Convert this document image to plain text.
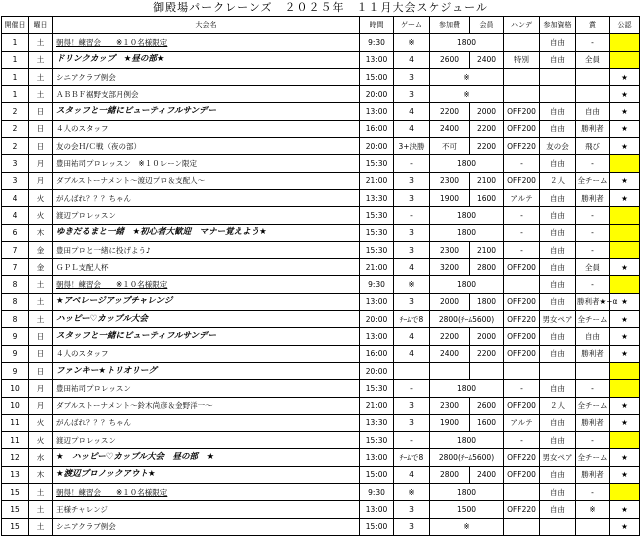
御殿場パークレーンズ　２０２５年　１１月大会スケジュール
開催日	曜日	大会名	時間	ゲーム	参加費	会員	ハンデ	参加資格	賞	公認
1	土	朝得！練習会　　※１０名様限定	9:30	※	1800			自由	-	
1	土	ドリンクカップ　★昼の部★	13:00	4	2600	2400	特別	自由	全員	
1	土	シニアクラブ例会	15:00	3	※					★
1	土	ＡＢＢＦ裾野支部月例会	20:00	3	※					★
2	日	スタッフと一緒にビューティフルサンデー	13:00	4	2200	2000	OFF200	自由	自由	★
2	日	４人のスタッフ	16:00	4	2400	2200	OFF200	自由	勝利者	★
2	日	友の会Ｈ/Ｃ戦（夜の部）	20:00	3+決勝	不可	2200	OFF220	友の会	飛び	★
3	月	豊田祐司プロレッスン　※１０レーン限定	15:30	-	1800		-	自由	-	
3	月	ダブルストーナメント～渡辺プロ＆支配人～	21:00	3	2300	2100	OFF200	２人	全チーム	★
4	火	がんばれ？？？ちゃん	13:30	3	1900	1600	アルテ	自由	勝利者	★
4	火	渡辺プロレッスン	15:30	-	1800		-	自由	-	
6	木	ゆきだるまと一緒　★初心者大歓迎　マナー覚えよう★	15:30	3	1800		-	自由	-	
7	金	豊田プロと一緒に投げよう♪	15:30	3	2300	2100	-	自由	-	
7	金	ＧＰＬ支配人杯	21:00	4	3200	2800	OFF200	自由	全員	★
8	土	朝得！練習会　　※１０名様限定	9:30	※	1800			自由	-	
8	土	★アベレージアップチャレンジ	13:00	3	2000	1800	OFF200	自由	勝利者★+α	★
8	土	ハッピー♡カップル大会	20:00	ﾁｰﾑで8	2800(ﾁｰﾑ5600)		OFF220	男女ペア	全チーム	★
9	日	スタッフと一緒にビューティフルサンデー	13:00	4	2200	2000	OFF200	自由	自由	★
9	日	４人のスタッフ	16:00	4	2400	2200	OFF200	自由	勝利者	★
9	日	ファンキー★トリオリーグ	20:00							
10	月	豊田祐司プロレッスン	15:30	-	1800		-	自由	-	
10	月	ダブルストーナメント～鈴木尚彦＆金野洋一～	21:00	3	2300	2600	OFF200	２人	全チーム	★
11	火	がんばれ？？？ちゃん	13:30	3	1900	1600	アルテ	自由	勝利者	★
11	火	渡辺プロレッスン	15:30	-	1800		-	自由	-	
12	水	★　ハッピー♡カップル大会　昼の部　★	13:00	ﾁｰﾑで8	2800(ﾁｰﾑ5600)		OFF220	男女ペア	全チーム	★
13	木	★渡辺プロノックアウト★	15:00	4	2800	2400	OFF200	自由	勝利者	★
15	土	朝得！練習会　　※１０名様限定	9:30	※	1800			自由	-	
15	土	王様チャレンジ	13:00	3	1500		OFF220	自由	※	★
15	土	シニアクラブ例会	15:00	3	※					★
